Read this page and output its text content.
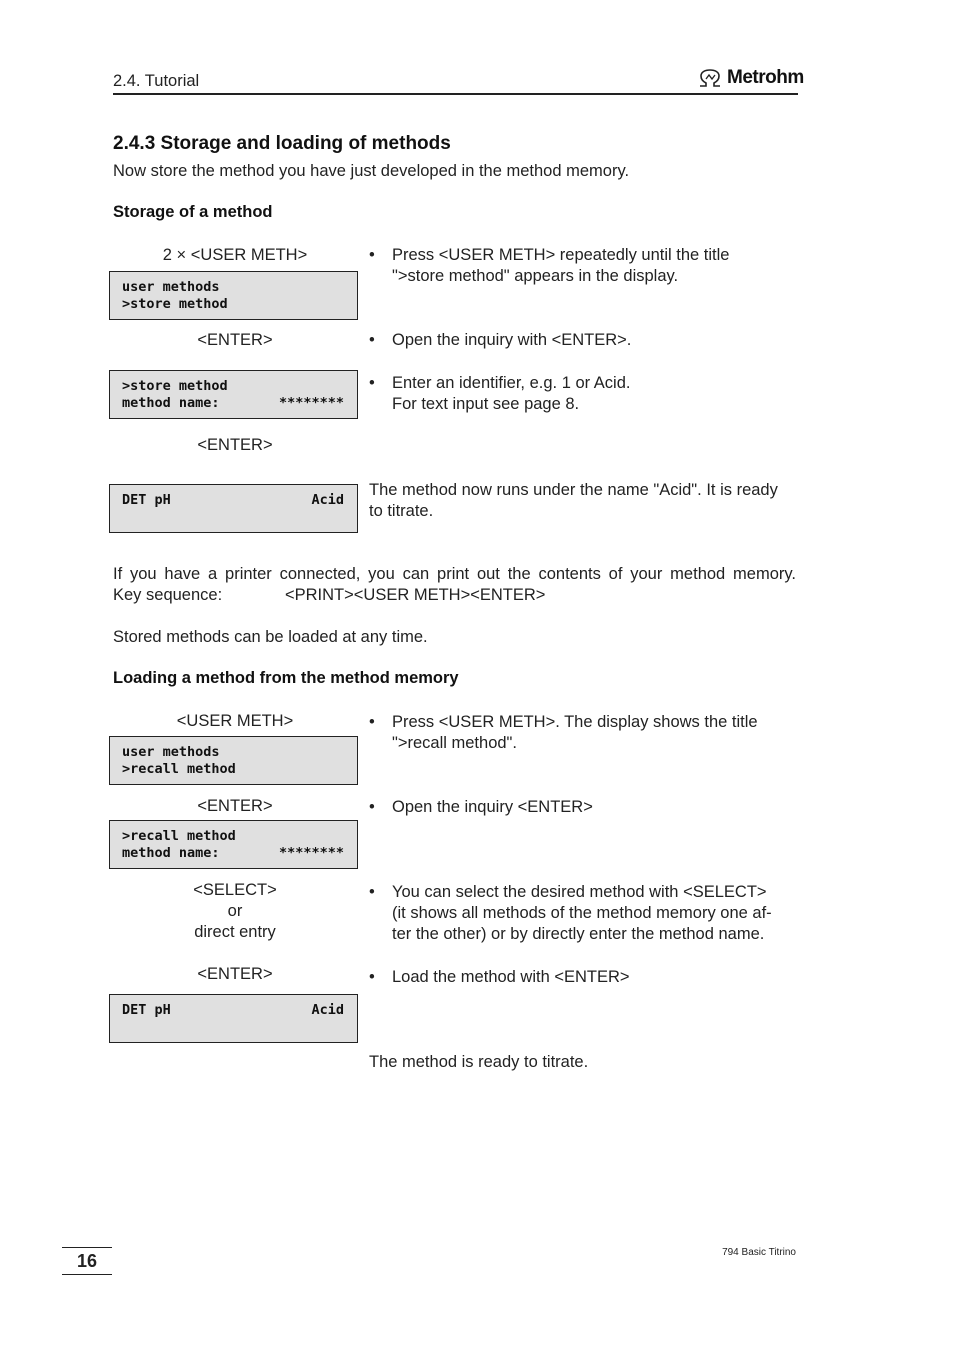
2.4. Tutorial	Metrohm
2.4.3 Storage and loading of methods
Now store the method you have just developed in the method memory.
Storage of a method
2 × <USER METH>
user methods
>store method
• Press <USER METH> repeatedly until the title
">store method" appears in the display.
<ENTER>	• Open the inquiry with <ENTER>.
>store method
method name:	********
• Enter an identifier, e.g. 1 or Acid.
For text input see page 8.
<ENTER>
DET pH	Acid
The method now runs under the name "Acid". It is ready
to titrate.
If you have a printer connected, you can print out the contents of your method memory.
Key sequence:	<PRINT><USER METH><ENTER>
Stored methods can be loaded at any time.
Loading a method from the method memory
<USER METH>	• Press <USER METH>. The display shows the title
">recall method".
user methods
>recall method
<ENTER>	• Open the inquiry <ENTER>
>recall method
method name:	********
<SELECT>
or
direct entry
• You can select the desired method with <SELECT>
(it shows all methods of the method memory one af-
ter the other) or by directly enter the method name.
<ENTER>	• Load the method with <ENTER>
DET pH	Acid
The method is ready to titrate.
16	794 Basic Titrino
